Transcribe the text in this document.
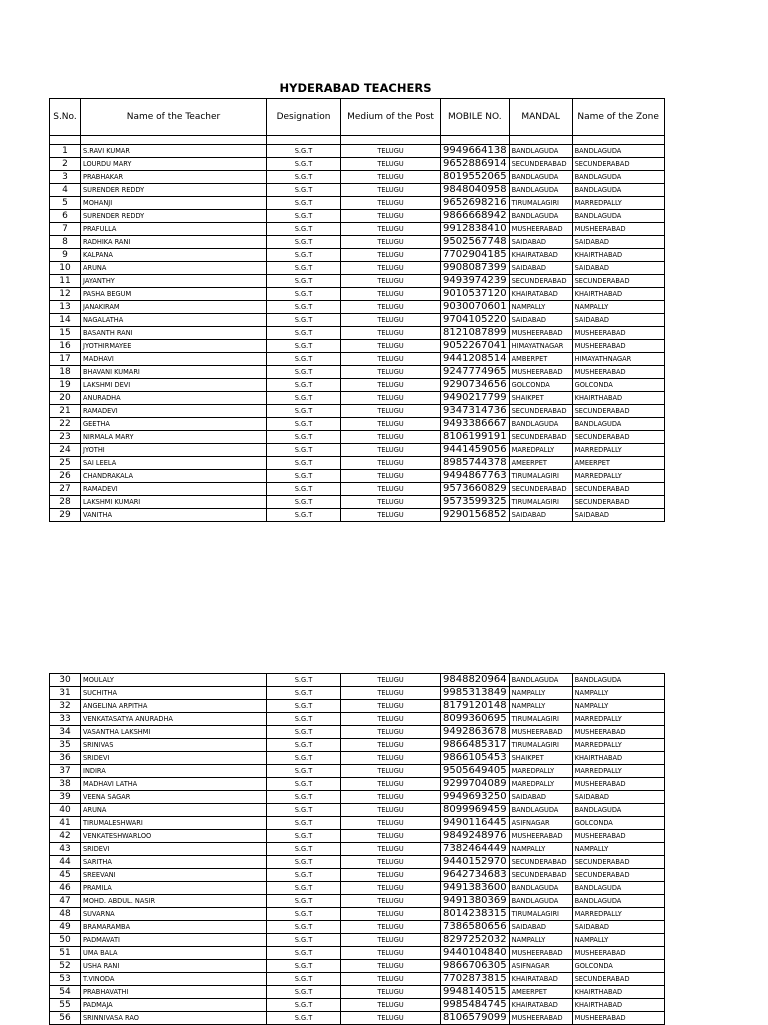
HYDERABAD TEACHERS
S.No.	Name of the Teacher	Designation	Medium of the Post	MOBILE NO.	MANDAL	Name of the Zone

1	S.RAVI KUMAR	S.G.T	TELUGU	9949664138	BANDLAGUDA	BANDLAGUDA
2	LOURDU MARY	S.G.T	TELUGU	9652886914	SECUNDERABAD	SECUNDERABAD
3	PRABHAKAR	S.G.T	TELUGU	8019552065	BANDLAGUDA	BANDLAGUDA
4	SURENDER REDDY	S.G.T	TELUGU	9848040958	BANDLAGUDA	BANDLAGUDA
5	MOHANJI	S.G.T	TELUGU	9652698216	TIRUMALAGIRI	MARREDPALLY
6	SURENDER REDDY	S.G.T	TELUGU	9866668942	BANDLAGUDA	BANDLAGUDA
7	PRAFULLA	S.G.T	TELUGU	9912838410	MUSHEERABAD	MUSHEERABAD
8	RADHIKA RANI	S.G.T	TELUGU	9502567748	SAIDABAD	SAIDABAD
9	KALPANA	S.G.T	TELUGU	7702904185	KHAIRATABAD	KHAIRTHABAD
10	ARUNA	S.G.T	TELUGU	9908087399	SAIDABAD	SAIDABAD
11	JAYANTHY	S.G.T	TELUGU	9493974239	SECUNDERABAD	SECUNDERABAD
12	PASHA BEGUM	S.G.T	TELUGU	9010537120	KHAIRATABAD	KHAIRTHABAD
13	JANAKIRAM	S.G.T	TELUGU	9030070601	NAMPALLY	NAMPALLY
14	NAGALATHA	S.G.T	TELUGU	9704105220	SAIDABAD	SAIDABAD
15	BASANTH RANI	S.G.T	TELUGU	8121087899	MUSHEERABAD	MUSHEERABAD
16	JYOTHIRMAYEE	S.G.T	TELUGU	9052267041	HIMAYATNAGAR	MUSHEERABAD
17	MADHAVI	S.G.T	TELUGU	9441208514	AMBERPET	HIMAYATHNAGAR
18	BHAVANI KUMARI	S.G.T	TELUGU	9247774965	MUSHEERABAD	MUSHEERABAD
19	LAKSHMI DEVI	S.G.T	TELUGU	9290734656	GOLCONDA	GOLCONDA
20	ANURADHA	S.G.T	TELUGU	9490217799	SHAIKPET	KHAIRTHABAD
21	RAMADEVI	S.G.T	TELUGU	9347314736	SECUNDERABAD	SECUNDERABAD
22	GEETHA	S.G.T	TELUGU	9493386667	BANDLAGUDA	BANDLAGUDA
23	NIRMALA MARY	S.G.T	TELUGU	8106199191	SECUNDERABAD	SECUNDERABAD
24	JYOTHI	S.G.T	TELUGU	9441459056	MAREDPALLY	MARREDPALLY
25	SAI LEELA	S.G.T	TELUGU	8985744378	AMEERPET	AMEERPET
26	CHANDRAKALA	S.G.T	TELUGU	9494867763	TIRUMALAGIRI	MARREDPALLY
27	RAMADEVI	S.G.T	TELUGU	9573660829	SECUNDERABAD	SECUNDERABAD
28	LAKSHMI KUMARI	S.G.T	TELUGU	9573599325	TIRUMALAGIRI	SECUNDERABAD
29	VANITHA	S.G.T	TELUGU	9290156852	SAIDABAD	SAIDABAD
30	MOULALY	S.G.T	TELUGU	9848820964	BANDLAGUDA	BANDLAGUDA
31	SUCHITHA	S.G.T	TELUGU	9985313849	NAMPALLY	NAMPALLY
32	ANGELINA ARPITHA	S.G.T	TELUGU	8179120148	NAMPALLY	NAMPALLY
33	VENKATASATYA ANURADHA	S.G.T	TELUGU	8099360695	TIRUMALAGIRI	MARREDPALLY
34	VASANTHA LAKSHMI	S.G.T	TELUGU	9492863678	MUSHEERABAD	MUSHEERABAD
35	SRINIVAS	S.G.T	TELUGU	9866485317	TIRUMALAGIRI	MARREDPALLY
36	SRIDEVI	S.G.T	TELUGU	9866105453	SHAIKPET	KHAIRTHABAD
37	INDIRA	S.G.T	TELUGU	9505649405	MAREDPALLY	MARREDPALLY
38	MADHAVI LATHA	S.G.T	TELUGU	9299704089	MAREDPALLY	MUSHEERABAD
39	VEENA SAGAR	S.G.T	TELUGU	9949693250	SAIDABAD	SAIDABAD
40	ARUNA	S.G.T	TELUGU	8099969459	BANDLAGUDA	BANDLAGUDA
41	TIRUMALESHWARI	S.G.T	TELUGU	9490116445	ASIFNAGAR	GOLCONDA
42	VENKATESHWARLOO	S.G.T	TELUGU	9849248976	MUSHEERABAD	MUSHEERABAD
43	SRIDEVI	S.G.T	TELUGU	7382464449	NAMPALLY	NAMPALLY
44	SARITHA	S.G.T	TELUGU	9440152970	SECUNDERABAD	SECUNDERABAD
45	SREEVANI	S.G.T	TELUGU	9642734683	SECUNDERABAD	SECUNDERABAD
46	PRAMILA	S.G.T	TELUGU	9491383600	BANDLAGUDA	BANDLAGUDA
47	MOHD. ABDUL. NASIR	S.G.T	TELUGU	9491380369	BANDLAGUDA	BANDLAGUDA
48	SUVARNA	S.G.T	TELUGU	8014238315	TIRUMALAGIRI	MARREDPALLY
49	BRAMARAMBA	S.G.T	TELUGU	7386580656	SAIDABAD	SAIDABAD
50	PADMAVATI	S.G.T	TELUGU	8297252032	NAMPALLY	NAMPALLY
51	UMA BALA	S.G.T	TELUGU	9440104840	MUSHEERABAD	MUSHEERABAD
52	USHA RANI	S.G.T	TELUGU	9866706305	ASIFNAGAR	GOLCONDA
53	T.VINODA	S.G.T	TELUGU	7702873815	KHAIRATABAD	SECUNDERABAD
54	PRABHAVATHI	S.G.T	TELUGU	9948140515	AMEERPET	KHAIRTHABAD
55	PADMAJA	S.G.T	TELUGU	9985484745	KHAIRATABAD	KHAIRTHABAD
56	SRINNIVASA RAO	S.G.T	TELUGU	8106579099	MUSHEERABAD	MUSHEERABAD
